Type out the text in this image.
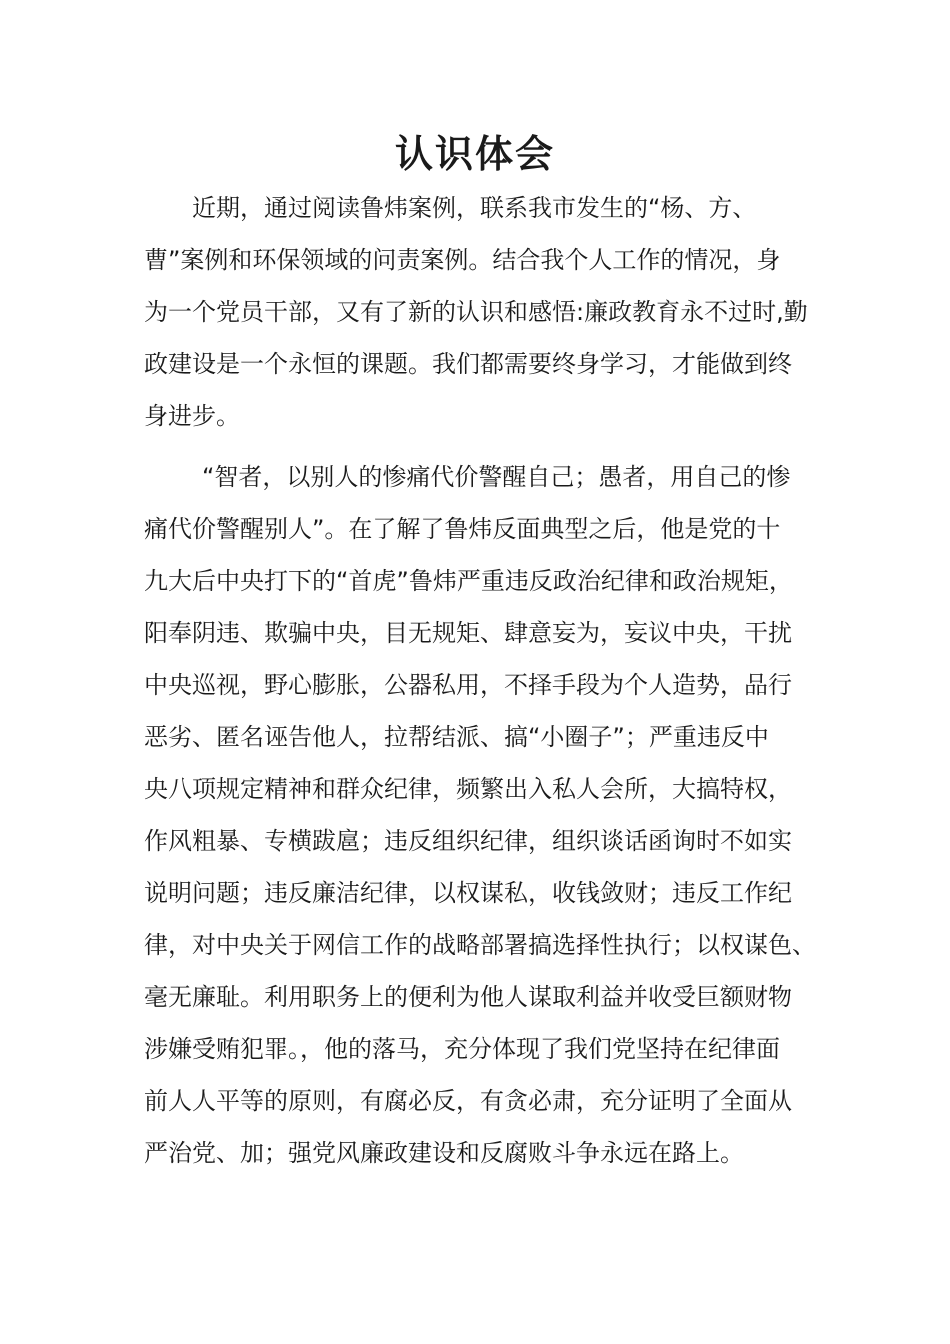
认识体会
近期，通过阅读鲁炜案例，联系我市发生的“杨、方、
曹”案例和环保领域的问责案例。结合我个人工作的情况，身
为一个党员干部，又有了新的认识和感悟:廉政教育永不过时,勤
政建设是一个永恒的课题。我们都需要终身学习，才能做到终
身进步。
“智者，以别人的惨痛代价警醒自己；愚者，用自己的惨
痛代价警醒别人”。在了解了鲁炜反面典型之后，他是党的十
九大后中央打下的“首虎”鲁炜严重违反政治纪律和政治规矩，
阳奉阴违、欺骗中央，目无规矩、肆意妄为，妄议中央，干扰
中央巡视，野心膨胀，公器私用，不择手段为个人造势，品行
恶劣、匿名诬告他人，拉帮结派、搞“小圈子”；严重违反中
央八项规定精神和群众纪律，频繁出入私人会所，大搞特权，
作风粗暴、专横跋扈；违反组织纪律，组织谈话函询时不如实
说明问题；违反廉洁纪律，以权谋私，收钱敛财；违反工作纪
律，对中央关于网信工作的战略部署搞选择性执行；以权谋色、
毫无廉耻。利用职务上的便利为他人谋取利益并收受巨额财物
涉嫌受贿犯罪。，他的落马，充分体现了我们党坚持在纪律面
前人人平等的原则，有腐必反，有贪必肃，充分证明了全面从
严治党、加；强党风廉政建设和反腐败斗争永远在路上。
